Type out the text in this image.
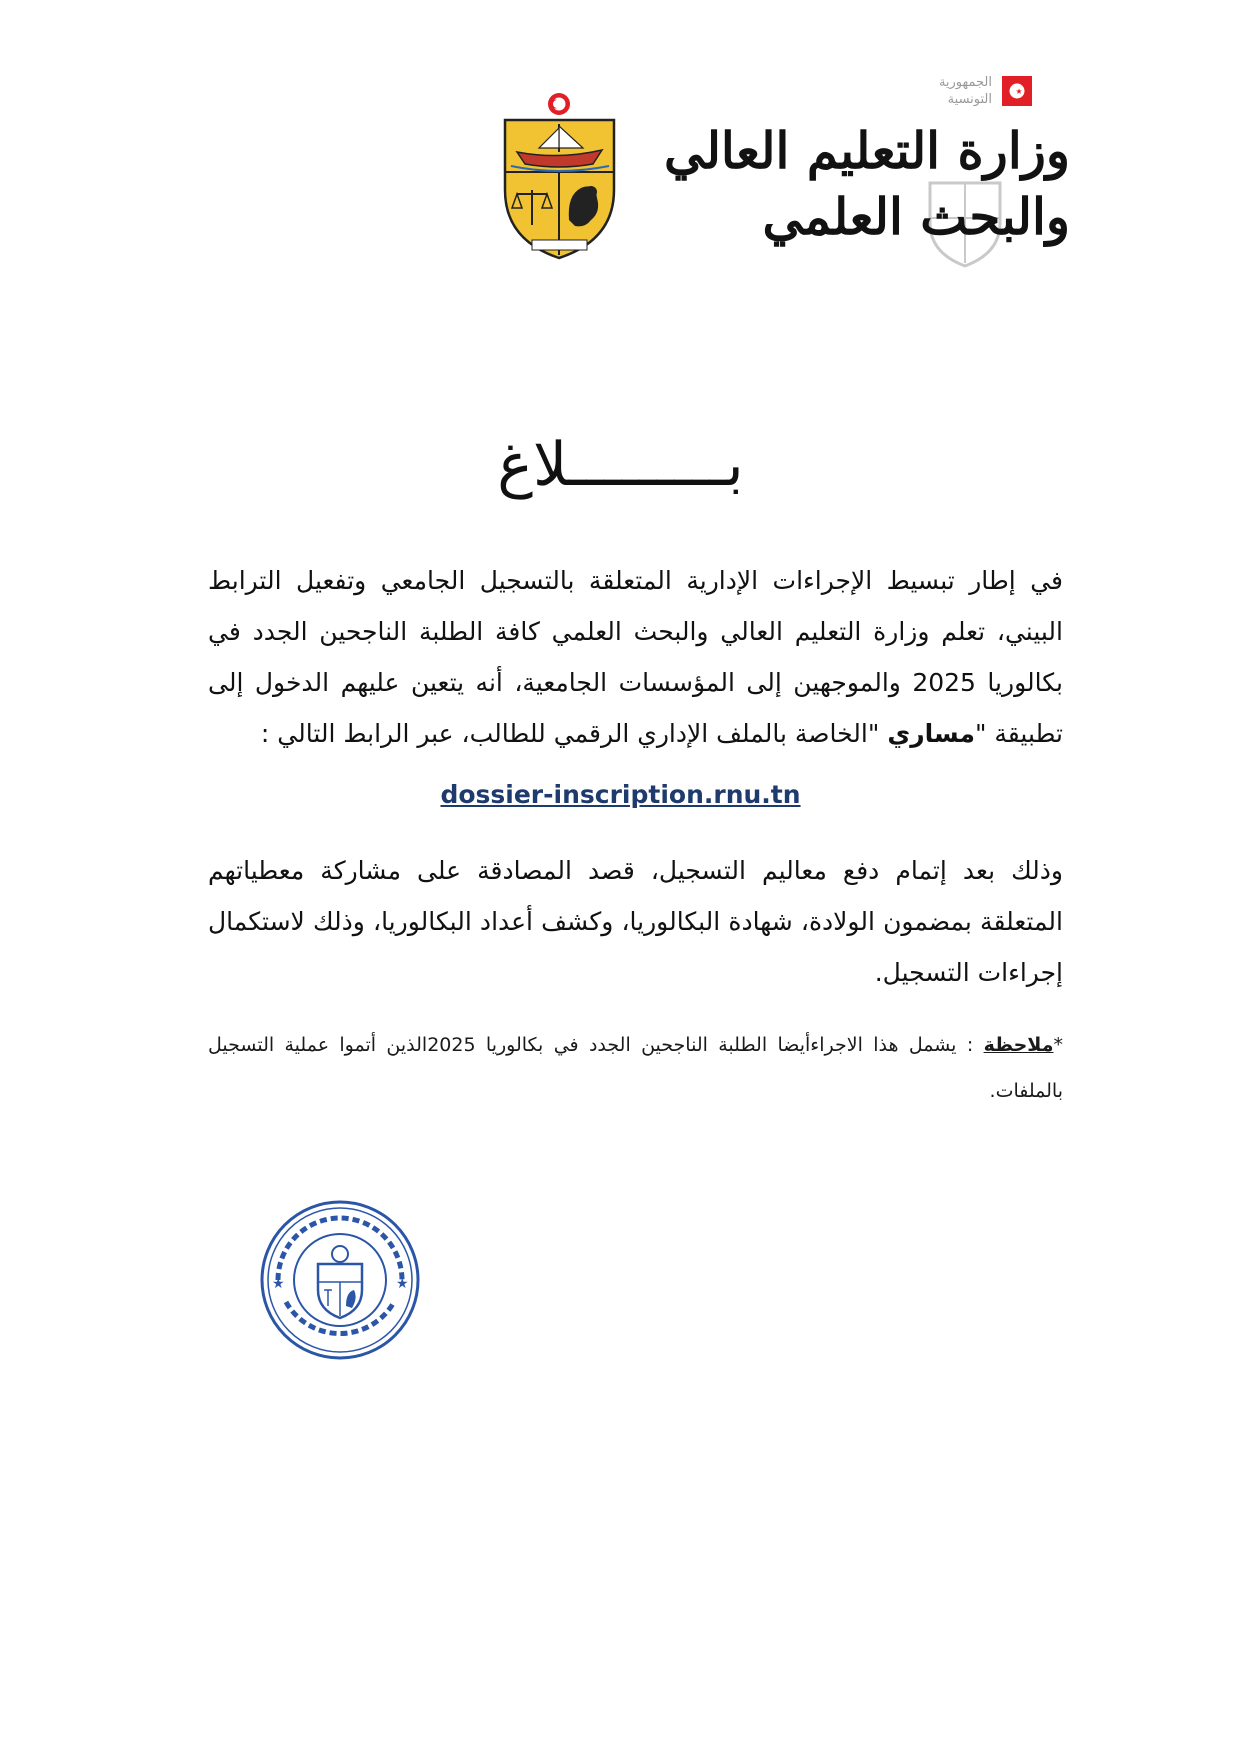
الجمهورية
التونسية
وزارة التعليم العالي
والبحث العلمي
بـــــــــلاغ

في إطار تبسيط الإجراءات الإدارية المتعلقة بالتسجيل الجامعي وتفعيل الترابط البيني، تعلم وزارة التعليم العالي والبحث العلمي كافة الطلبة الناجحين الجدد في بكالوريا 2025 والموجهين إلى المؤسسات الجامعية، أنه يتعين عليهم الدخول إلى تطبيقة "مساري "الخاصة بالملف الإداري الرقمي للطالب، عبر الرابط التالي :

dossier-inscription.rnu.tn

وذلك بعد إتمام دفع معاليم التسجيل، قصد المصادقة على مشاركة معطياتهم المتعلقة بمضمون الولادة، شهادة البكالوريا، وكشف أعداد البكالوريا، وذلك لاستكمال إجراءات التسجيل.

*ملاحظة : يشمل هذا الاجراءأيضا الطلبة الناجحين الجدد في بكالوريا 2025الذين أتموا عملية التسجيل بالملفات.

★	★
